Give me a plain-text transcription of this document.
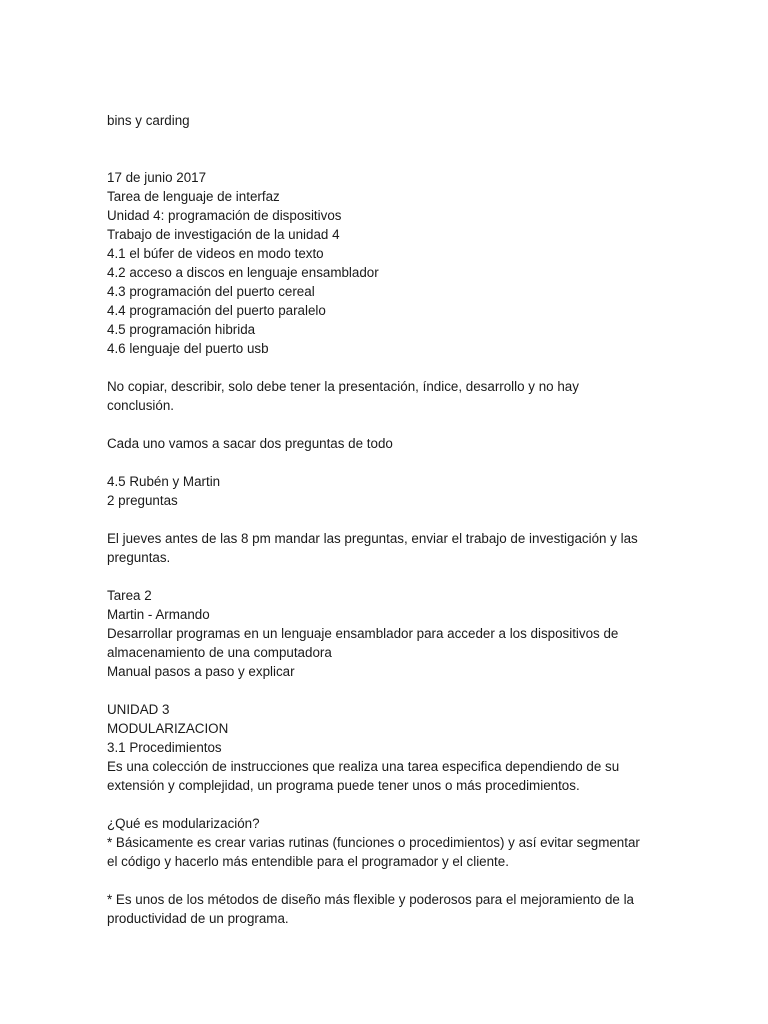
bins y carding
17 de junio 2017
Tarea de lenguaje de interfaz
Unidad 4: programación de dispositivos
Trabajo de investigación de la unidad 4
4.1 el búfer de videos en modo texto
4.2 acceso a discos en lenguaje ensamblador
4.3 programación del puerto cereal
4.4 programación del puerto paralelo
4.5 programación hibrida
4.6 lenguaje del puerto usb
No copiar, describir, solo debe tener la presentación, índice, desarrollo y no hay
conclusión.
Cada uno vamos a sacar dos preguntas de todo
4.5 Rubén y Martin
2 preguntas
El jueves antes de las 8 pm mandar las preguntas, enviar el trabajo de investigación y las
preguntas.
Tarea 2
Martin - Armando
Desarrollar programas en un lenguaje ensamblador para acceder a los dispositivos de
almacenamiento de una computadora
Manual pasos a paso y explicar
UNIDAD 3
MODULARIZACION
3.1 Procedimientos
Es una colección de instrucciones que realiza una tarea especifica dependiendo de su
extensión y complejidad, un programa puede tener unos o más procedimientos.
¿Qué es modularización?
* Básicamente es crear varias rutinas (funciones o procedimientos) y así evitar segmentar
el código y hacerlo más entendible para el programador y el cliente.
* Es unos de los métodos de diseño más flexible y poderosos para el mejoramiento de la
productividad de un programa.
